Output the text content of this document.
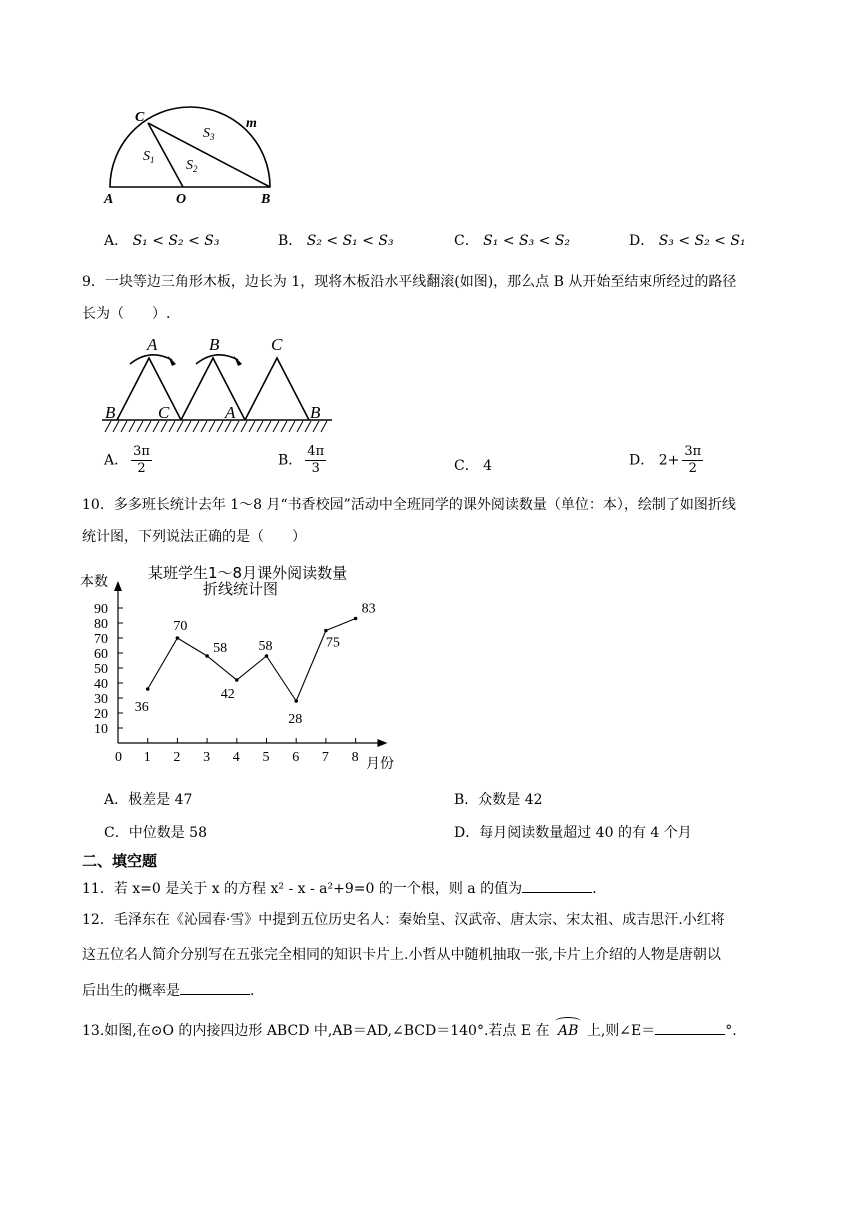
C	m
A	O	B
$S_1$ $S_2$
$S_3$
A． S₁ < S₂ < S₃	B． S₂ < S₁ < S₃	C． S₁ < S₃ < S₂	D． S₃ < S₂ < S₁
9．一块等边三角形木板，边长为 1，现将木板沿水平线翻滚(如图)，那么点 B 从开始至结束所经过的路径
长为（　　）.
A	B	C
B	C	A	B
A． $\frac{3\pi}{2}$	B． $\frac{4\pi}{3}$	C． 4	D． $2+ \frac{3\pi}{2}$
10．多多班长统计去年 1～8 月“书香校园”活动中全班同学的课外阅读数量（单位：本），绘制了如图折线
统计图，下列说法正确的是（　　）
某班学生1～8月课外阅读数量
折线统计图
本数
月份
10
20
30
40
50
60
70
80
90
0 1 2 3 4 5 6 7 8
36
70
58
42
58
28
75
83
A．极差是 47	B．众数是 42
C．中位数是 58	D．每月阅读数量超过 40 的有 4 个月
二、填空题
11．若 x=0 是关于 x 的方程 x² - x - a²+9=0 的一个根，则 a 的值为	.
12．毛泽东在《沁园春·雪》中提到五位历史名人：秦始皇、汉武帝、唐太宗、宋太祖、成吉思汗.小红将
这五位名人简介分别写在五张完全相同的知识卡片上.小哲从中随机抽取一张,卡片上介绍的人物是唐朝以
后出生的概率是	.
13.如图,在⊙O 的内接四边形 ABCD 中,AB＝AD,∠BCD＝140°.若点 E 在 AB 上,则∠E＝	°.
